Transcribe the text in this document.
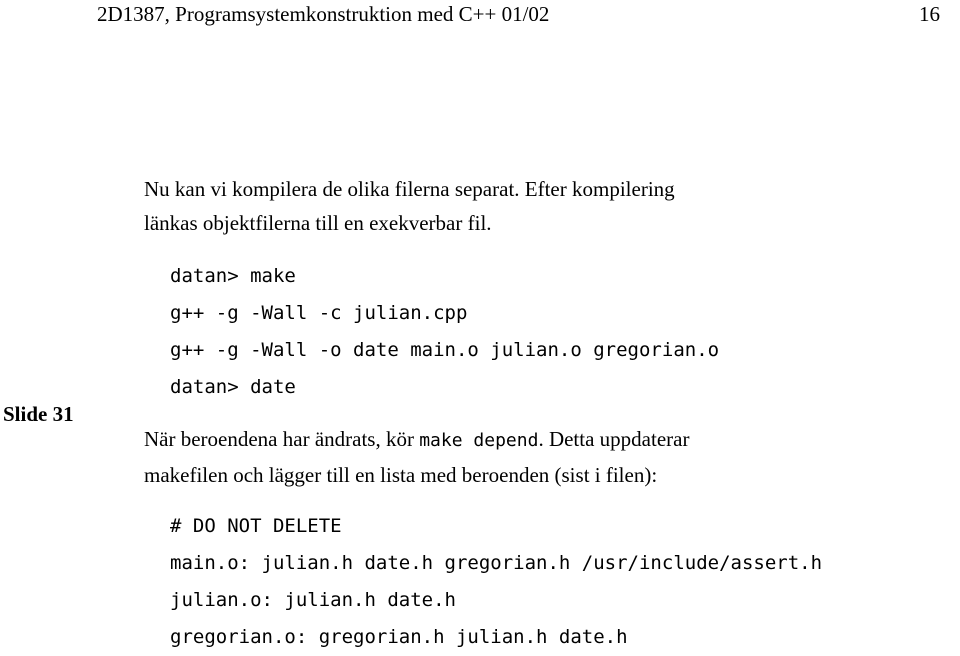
2D1387, Programsystemkonstruktion med C++ 01/02	16
Slide 31
Nu kan vi kompilera de olika filerna separat. Efter kompilering
länkas objektfilerna till en exekverbar fil.
datan> make
g++ -g -Wall -c julian.cpp
g++ -g -Wall -o date main.o julian.o gregorian.o
datan> date
När beroendena har ändrats, kör make depend. Detta uppdaterar
makefilen och lägger till en lista med beroenden (sist i filen):
# DO NOT DELETE
main.o: julian.h date.h gregorian.h /usr/include/assert.h
julian.o: julian.h date.h
gregorian.o: gregorian.h julian.h date.h
